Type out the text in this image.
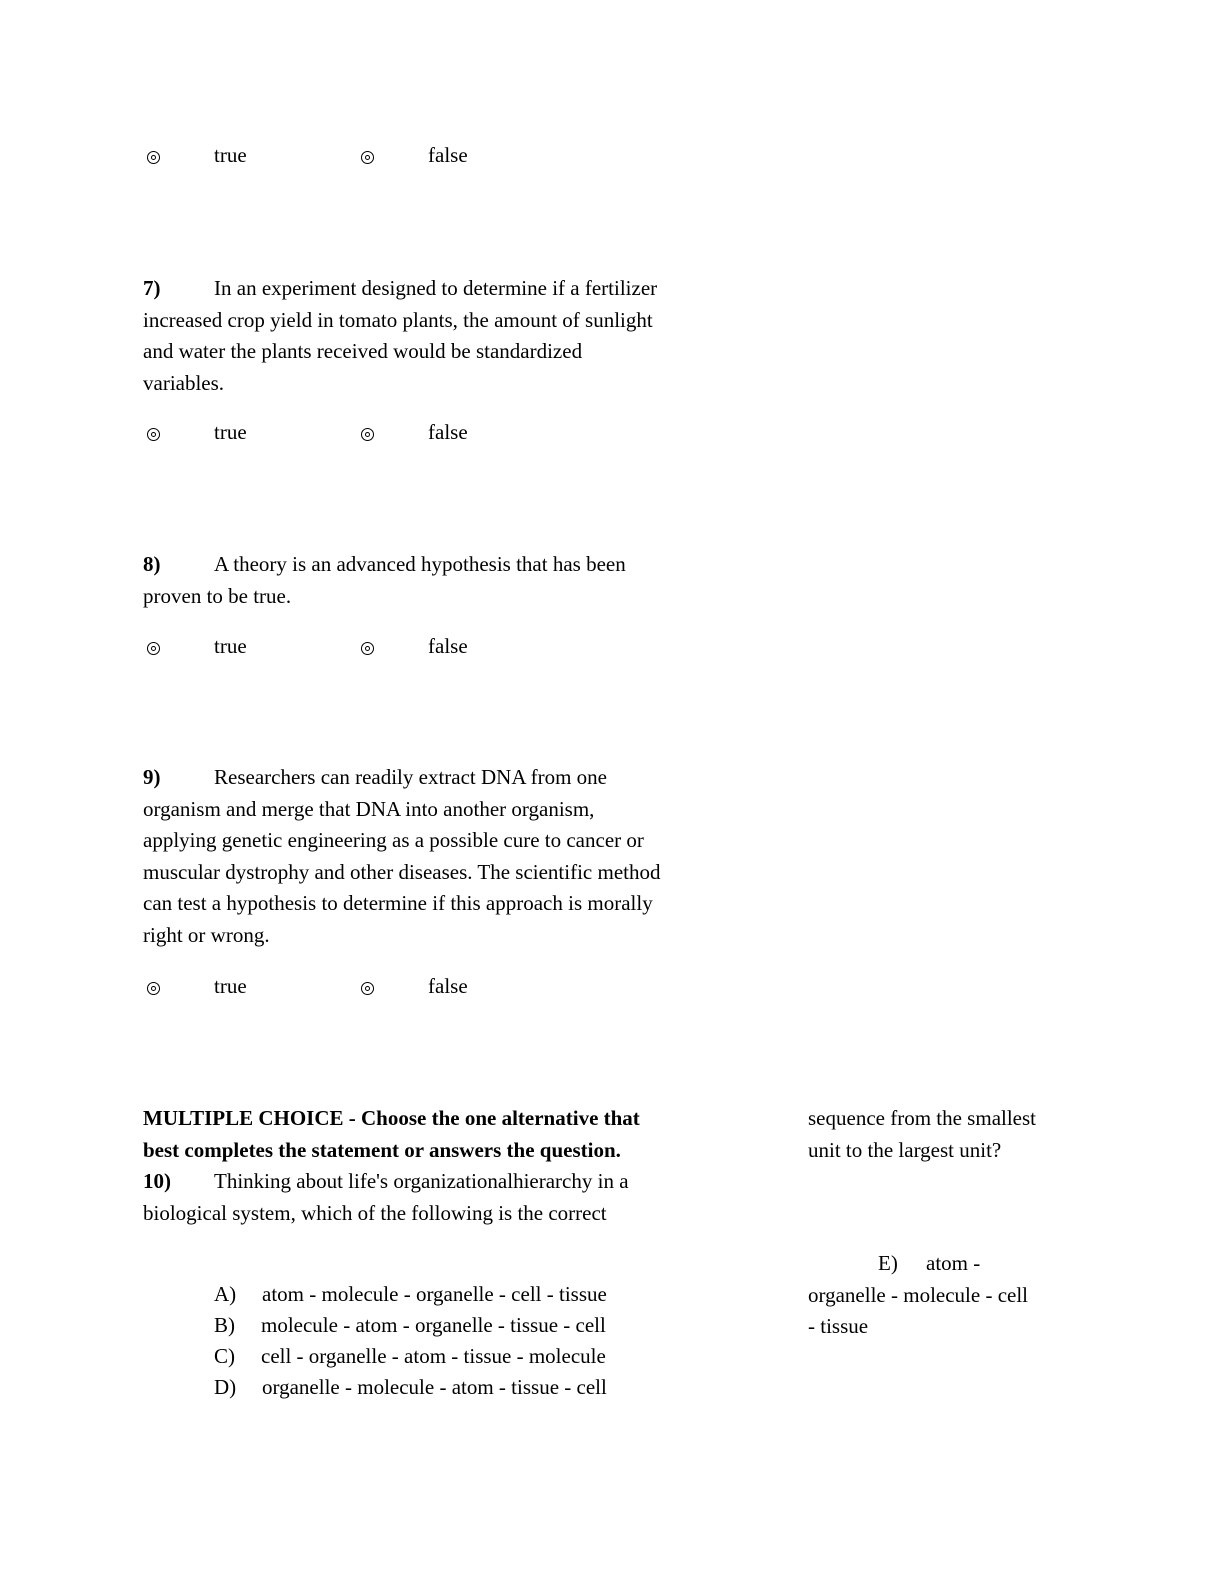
true	false
7)	In an experiment designed to determine if a fertilizer
increased crop yield in tomato plants, the amount of sunlight
and water the plants received would be standardized
variables.
true	false
8)	A theory is an advanced hypothesis that has been
proven to be true.
true	false
9)	Researchers can readily extract DNA from one
organism and merge that DNA into another organism,
applying genetic engineering as a possible cure to cancer or
muscular dystrophy and other diseases. The scientific method
can test a hypothesis to determine if this approach is morally
right or wrong.
true	false
MULTIPLE CHOICE - Choose the one alternative that
best completes the statement or answers the question.
10) Thinking about life's organizationalhierarchy in a
biological system, which of the following is the correct
sequence from the smallest
unit to the largest unit?
A) atom - molecule - organelle - cell - tissue
B) molecule - atom - organelle - tissue - cell
C) cell - organelle - atom - tissue - molecule
D) organelle - molecule - atom - tissue - cell
E) atom -
organelle - molecule - cell
- tissue
